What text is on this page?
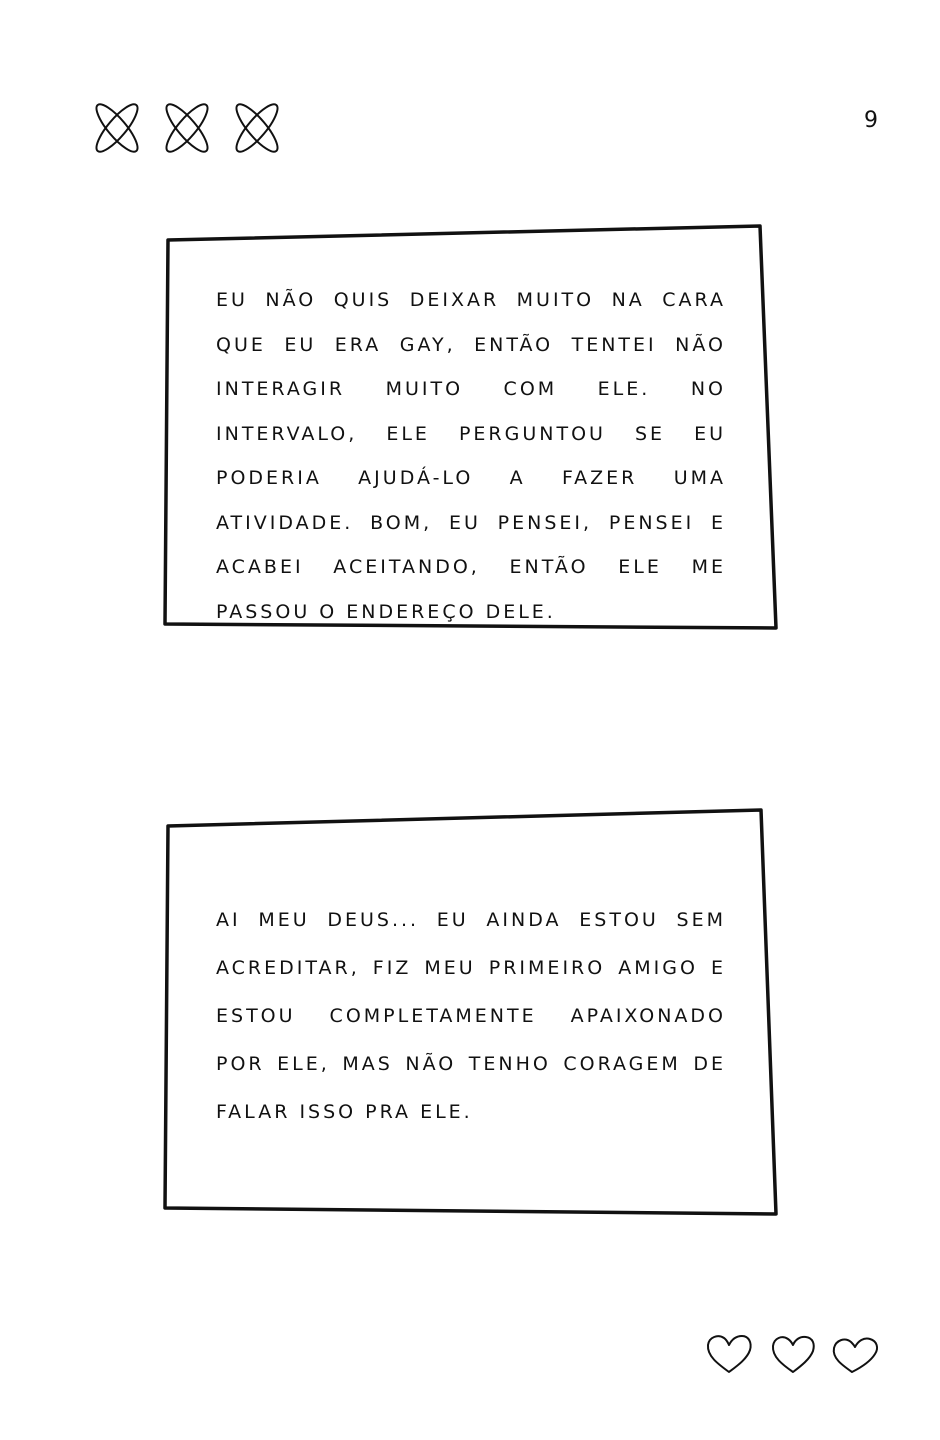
9

EU NÃO QUIS DEIXAR MUITO NA CARA QUE EU ERA GAY, ENTÃO TENTEI NÃO INTERAGIR MUITO COM ELE. NO INTERVALO, ELE PERGUNTOU SE EU PODERIA AJUDÁ-LO A FAZER UMA ATIVIDADE. BOM, EU PENSEI, PENSEI E ACABEI ACEITANDO, ENTÃO ELE ME PASSOU O ENDEREÇO DELE.

AI MEU DEUS... EU AINDA ESTOU SEM ACREDITAR, FIZ MEU PRIMEIRO AMIGO E ESTOU COMPLETAMENTE APAIXONADO POR ELE, MAS NÃO TENHO CORAGEM DE FALAR ISSO PRA ELE.
